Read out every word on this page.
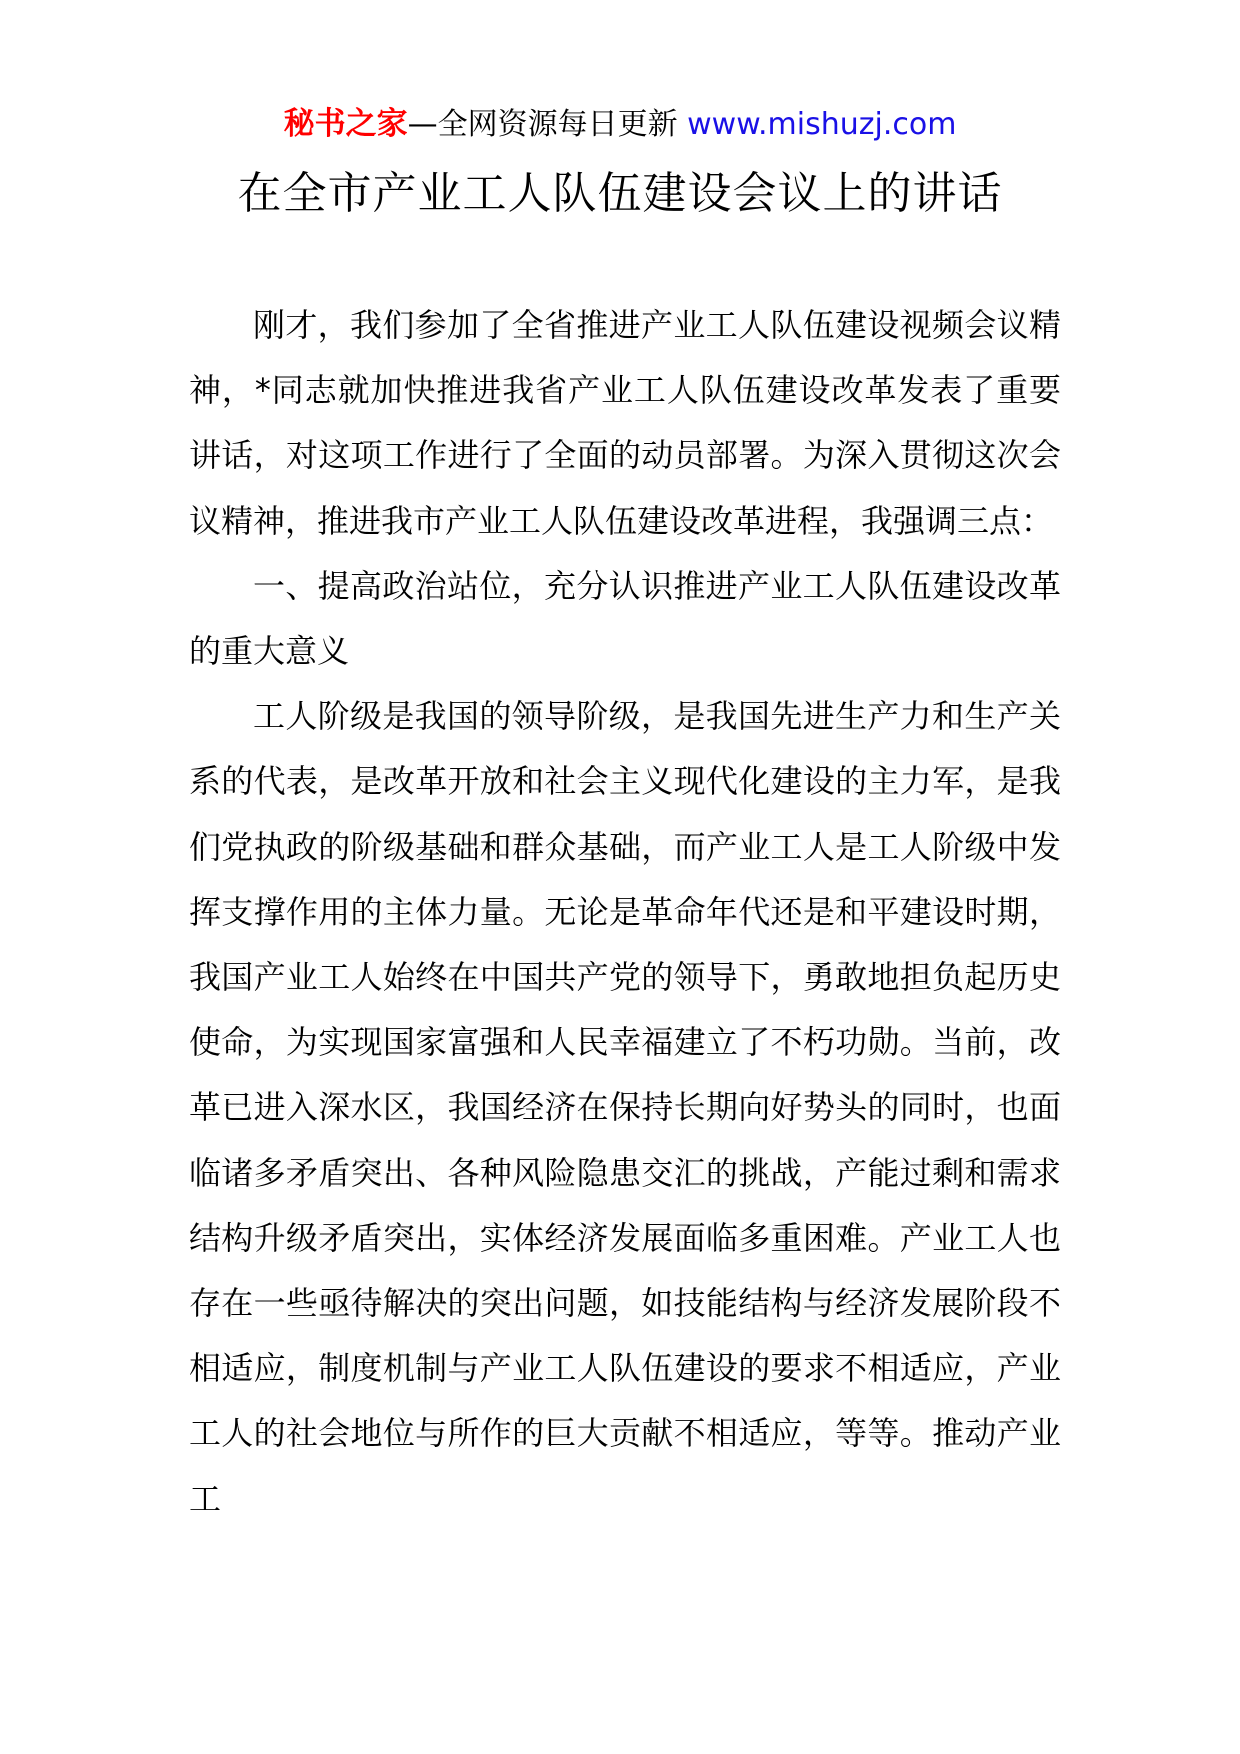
秘书之家—全网资源每日更新 www.mishuzj.com
在全市产业工人队伍建设会议上的讲话

刚才，我们参加了全省推进产业工人队伍建设视频会议精神，*同志就加快推进我省产业工人队伍建设改革发表了重要讲话，对这项工作进行了全面的动员部署。为深入贯彻这次会议精神，推进我市产业工人队伍建设改革进程，我强调三点：

一、提高政治站位，充分认识推进产业工人队伍建设改革的重大意义

工人阶级是我国的领导阶级，是我国先进生产力和生产关系的代表，是改革开放和社会主义现代化建设的主力军，是我们党执政的阶级基础和群众基础，而产业工人是工人阶级中发挥支撑作用的主体力量。无论是革命年代还是和平建设时期，我国产业工人始终在中国共产党的领导下，勇敢地担负起历史使命，为实现国家富强和人民幸福建立了不朽功勋。当前，改革已进入深水区，我国经济在保持长期向好势头的同时，也面临诸多矛盾突出、各种风险隐患交汇的挑战，产能过剩和需求结构升级矛盾突出，实体经济发展面临多重困难。产业工人也存在一些亟待解决的突出问题，如技能结构与经济发展阶段不相适应，制度机制与产业工人队伍建设的要求不相适应，产业工人的社会地位与所作的巨大贡献不相适应，等等。推动产业工
